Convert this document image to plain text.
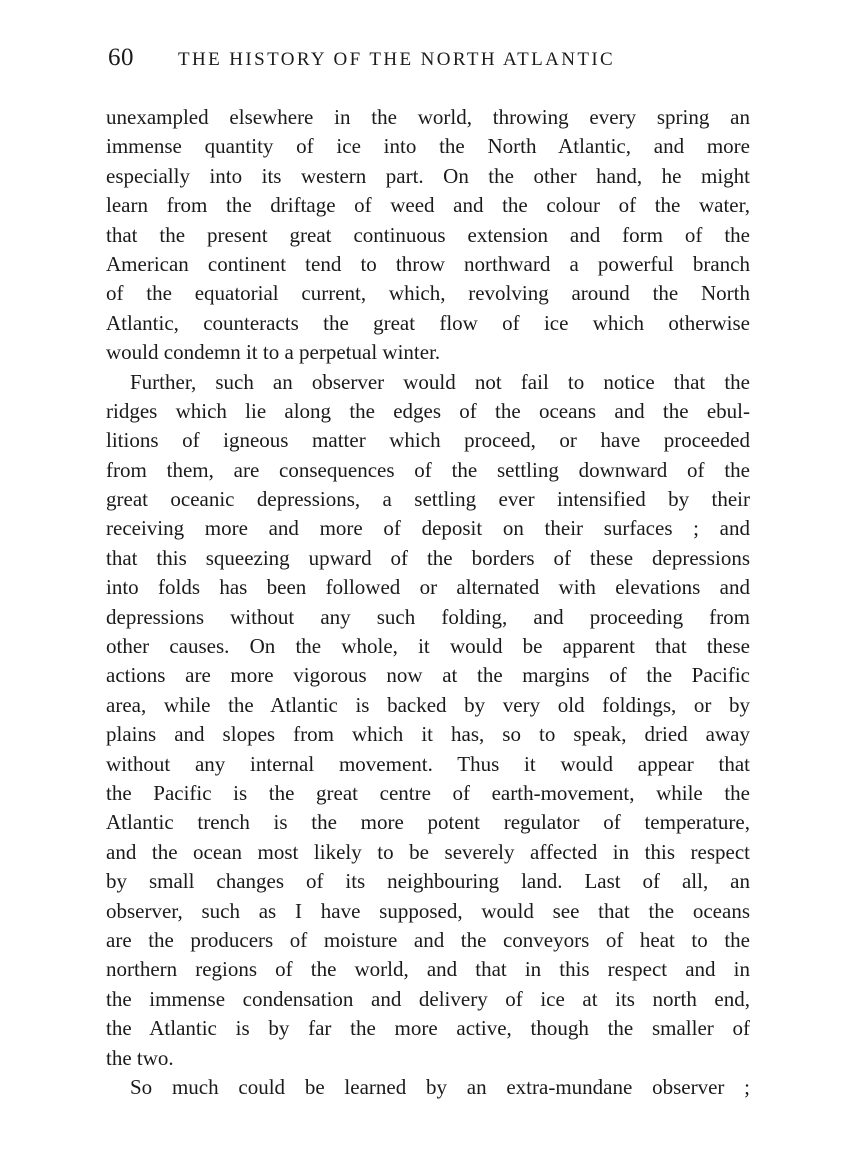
60 THE HISTORY OF THE NORTH ATLANTIC
unexampled elsewhere in the world, throwing every spring an
immense quantity of ice into the North Atlantic, and more
especially into its western part. On the other hand, he might
learn from the driftage of weed and the colour of the water,
that the present great continuous extension and form of the
American continent tend to throw northward a powerful branch
of the equatorial current, which, revolving around the North
Atlantic, counteracts the great flow of ice which otherwise
would condemn it to a perpetual winter.
Further, such an observer would not fail to notice that the
ridges which lie along the edges of the oceans and the ebul-
litions of igneous matter which proceed, or have proceeded
from them, are consequences of the settling downward of the
great oceanic depressions, a settling ever intensified by their
receiving more and more of deposit on their surfaces ; and
that this squeezing upward of the borders of these depressions
into folds has been followed or alternated with elevations and
depressions without any such folding, and proceeding from
other causes. On the whole, it would be apparent that these
actions are more vigorous now at the margins of the Pacific
area, while the Atlantic is backed by very old foldings, or by
plains and slopes from which it has, so to speak, dried away
without any internal movement. Thus it would appear that
the Pacific is the great centre of earth-movement, while the
Atlantic trench is the more potent regulator of temperature,
and the ocean most likely to be severely affected in this respect
by small changes of its neighbouring land. Last of all, an
observer, such as I have supposed, would see that the oceans
are the producers of moisture and the conveyors of heat to the
northern regions of the world, and that in this respect and in
the immense condensation and delivery of ice at its north end,
the Atlantic is by far the more active, though the smaller of
the two.
So much could be learned by an extra-mundane observer ;
